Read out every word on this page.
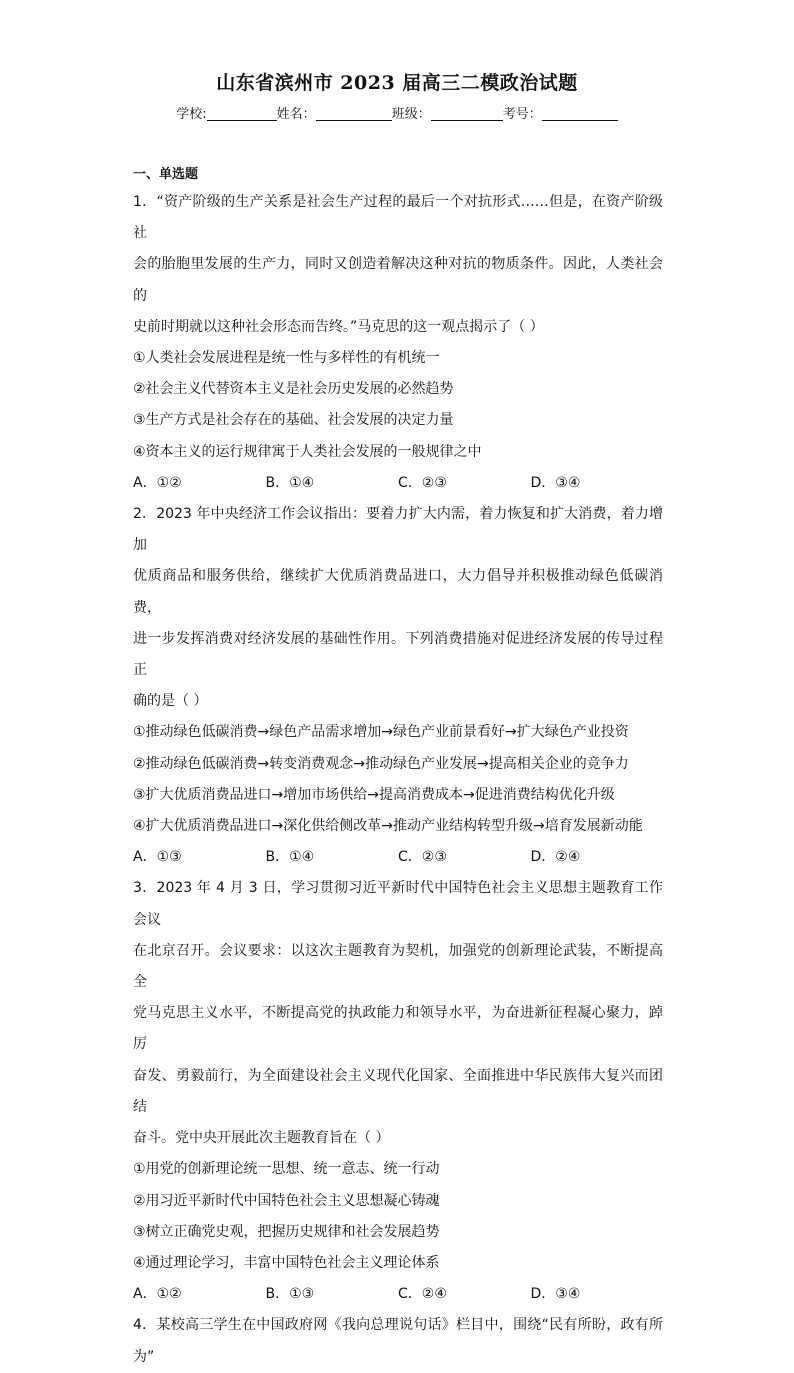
山东省滨州市 2023 届高三二模政治试题
学校:	姓名：	班级：	考号：
一、单选题
1．“资产阶级的生产关系是社会生产过程的最后一个对抗形式……但是，在资产阶级社
会的胎胞里发展的生产力，同时又创造着解决这种对抗的物质条件。因此，人类社会的
史前时期就以这种社会形态而告终。”马克思的这一观点揭示了（ ）
①人类社会发展进程是统一性与多样性的有机统一
②社会主义代替资本主义是社会历史发展的必然趋势
③生产方式是社会存在的基础、社会发展的决定力量
④资本主义的运行规律寓于人类社会发展的一般规律之中
A．①②	B．①④	C．②③	D．③④
2．2023 年中央经济工作会议指出：要着力扩大内需，着力恢复和扩大消费，着力增加
优质商品和服务供给，继续扩大优质消费品进口，大力倡导并积极推动绿色低碳消费，
进一步发挥消费对经济发展的基础性作用。下列消费措施对促进经济发展的传导过程正
确的是（ ）
①推动绿色低碳消费→绿色产品需求增加→绿色产业前景看好→扩大绿色产业投资
②推动绿色低碳消费→转变消费观念→推动绿色产业发展→提高相关企业的竞争力
③扩大优质消费品进口→增加市场供给→提高消费成本→促进消费结构优化升级
④扩大优质消费品进口→深化供给侧改革→推动产业结构转型升级→培育发展新动能
A．①③	B．①④	C．②③	D．②④
3．2023 年 4 月 3 日，学习贯彻习近平新时代中国特色社会主义思想主题教育工作会议
在北京召开。会议要求：以这次主题教育为契机，加强党的创新理论武装，不断提高全
党马克思主义水平，不断提高党的执政能力和领导水平，为奋进新征程凝心聚力，踔厉
奋发、勇毅前行，为全面建设社会主义现代化国家、全面推进中华民族伟大复兴而团结
奋斗。党中央开展此次主题教育旨在（ ）
①用党的创新理论统一思想、统一意志、统一行动
②用习近平新时代中国特色社会主义思想凝心铸魂
③树立正确党史观，把握历史规律和社会发展趋势
④通过理论学习，丰富中国特色社会主义理论体系
A．①②	B．①③	C．②④	D．③④
4．某校高三学生在中国政府网《我向总理说句话》栏目中，围绕“民有所盼，政有所为”
